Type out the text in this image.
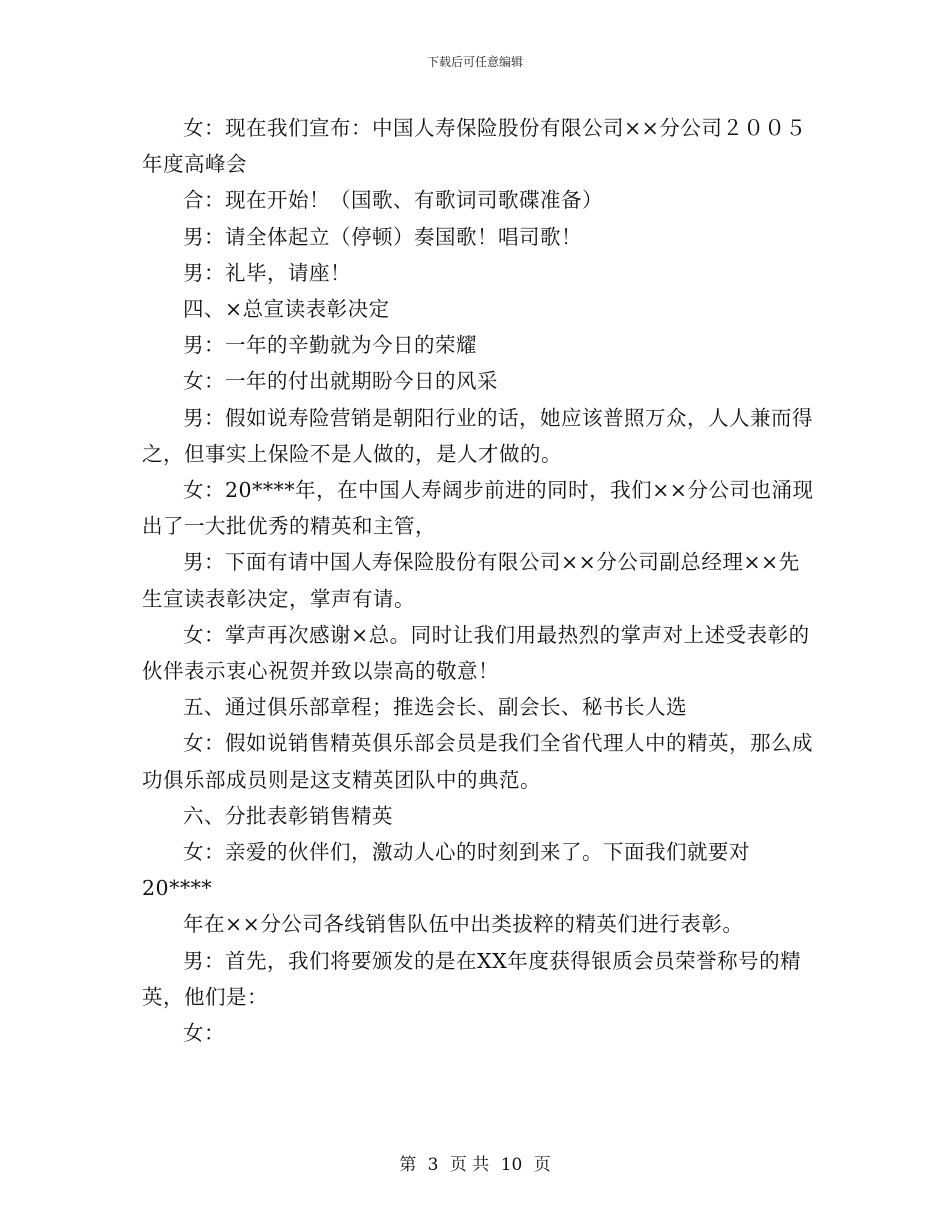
下载后可任意编辑

女：现在我们宣布：中国人寿保险股份有限公司××分公司２００５年度高峰会

合：现在开始！（国歌、有歌词司歌碟准备）

男：请全体起立（停顿）奏国歌！唱司歌！

男：礼毕，请座！

四、×总宣读表彰决定

男：一年的辛勤就为今日的荣耀

女：一年的付出就期盼今日的风采

男：假如说寿险营销是朝阳行业的话，她应该普照万众，人人兼而得之，但事实上保险不是人做的，是人才做的。

女：20****年，在中国人寿阔步前进的同时，我们××分公司也涌现出了一大批优秀的精英和主管，

男：下面有请中国人寿保险股份有限公司××分公司副总经理××先生宣读表彰决定，掌声有请。

女：掌声再次感谢×总。同时让我们用最热烈的掌声对上述受表彰的伙伴表示衷心祝贺并致以崇高的敬意！

五、通过俱乐部章程；推选会长、副会长、秘书长人选

女：假如说销售精英俱乐部会员是我们全省代理人中的精英，那么成功俱乐部成员则是这支精英团队中的典范。

六、分批表彰销售精英

女：亲爱的伙伴们，激动人心的时刻到来了。下面我们就要对

20****

年在××分公司各线销售队伍中出类拔粹的精英们进行表彰。

男：首先，我们将要颁发的是在XX年度获得银质会员荣誉称号的精英，他们是：

女：

第 3 页 共 10 页
